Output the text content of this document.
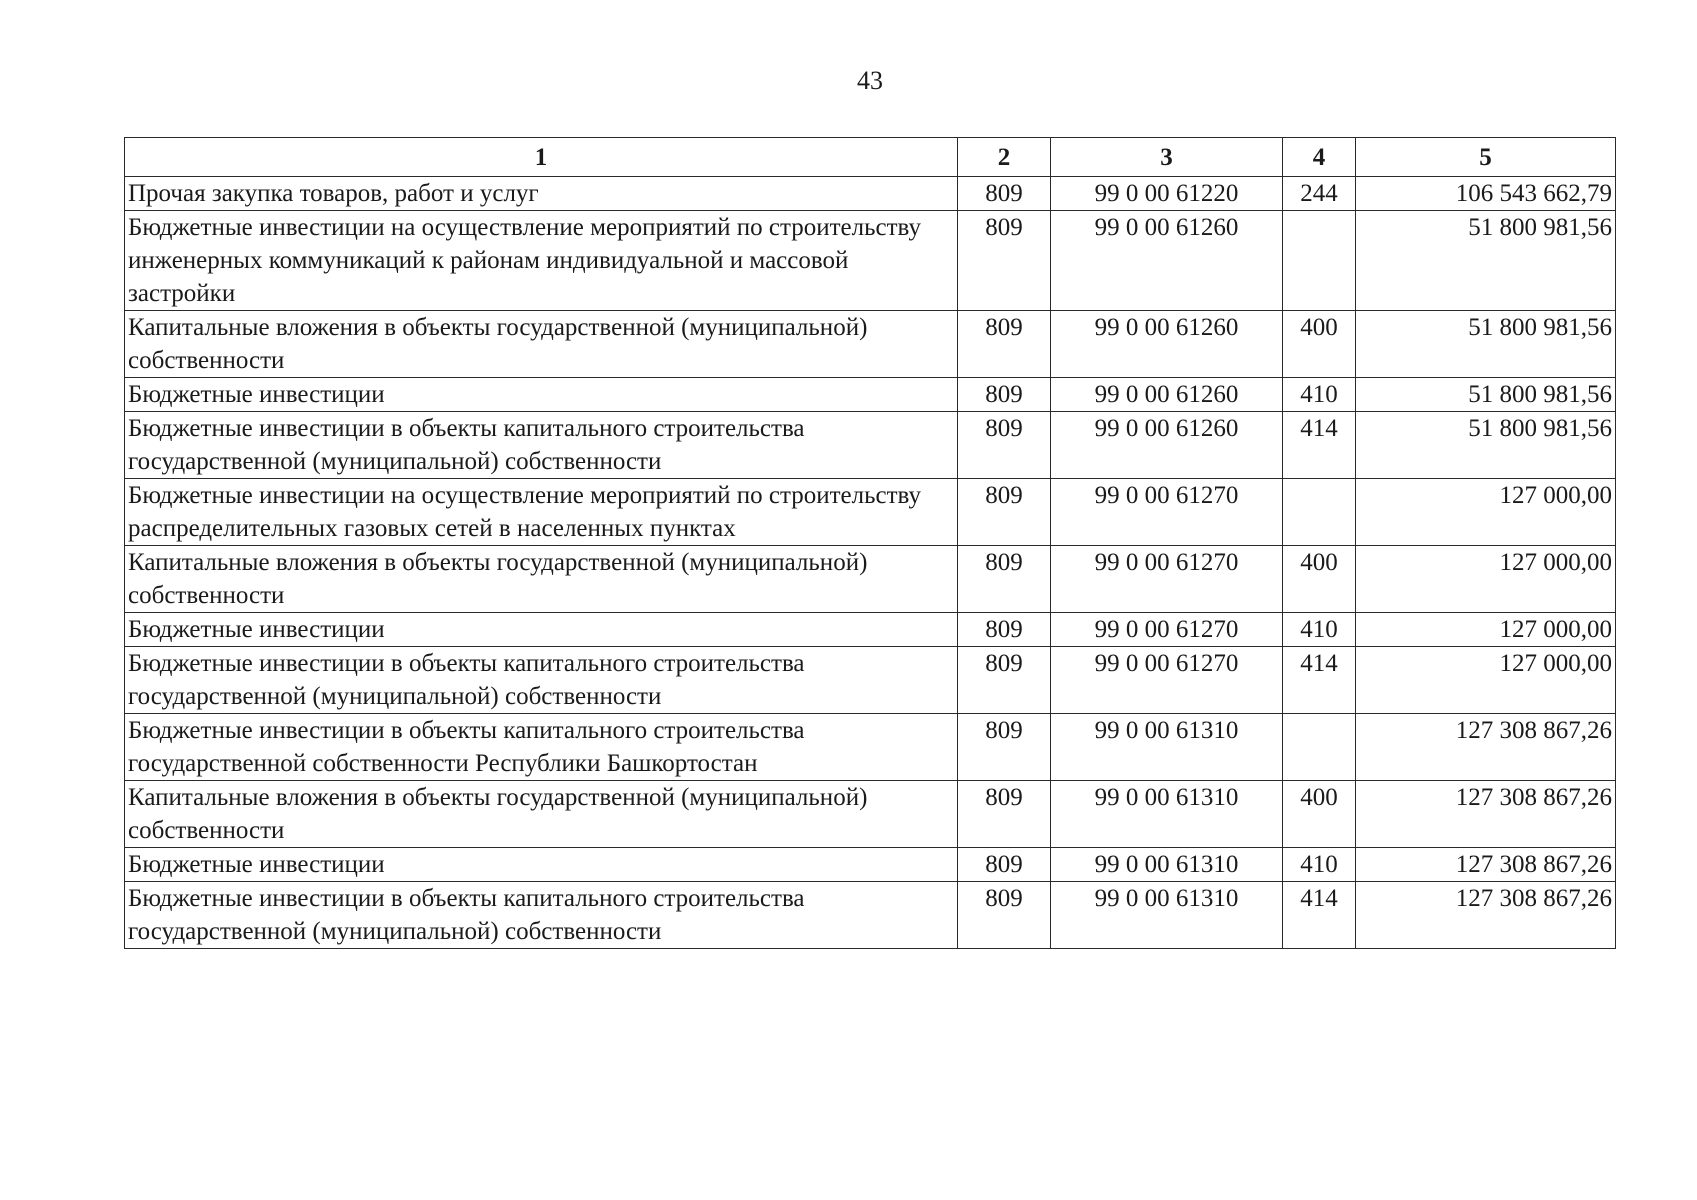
43
1	2	3	4	5
Прочая закупка товаров, работ и услуг	809	99 0 00 61220	244	106 543 662,79
Бюджетные инвестиции на осуществление мероприятий по строительству инженерных коммуникаций к районам индивидуальной и массовой застройки	809	99 0 00 61260		51 800 981,56
Капитальные вложения в объекты государственной (муниципальной) собственности	809	99 0 00 61260	400	51 800 981,56
Бюджетные инвестиции	809	99 0 00 61260	410	51 800 981,56
Бюджетные инвестиции в объекты капитального строительства государственной (муниципальной) собственности	809	99 0 00 61260	414	51 800 981,56
Бюджетные инвестиции на осуществление мероприятий по строительству распределительных газовых сетей в населенных пунктах	809	99 0 00 61270		127 000,00
Капитальные вложения в объекты государственной (муниципальной) собственности	809	99 0 00 61270	400	127 000,00
Бюджетные инвестиции	809	99 0 00 61270	410	127 000,00
Бюджетные инвестиции в объекты капитального строительства государственной (муниципальной) собственности	809	99 0 00 61270	414	127 000,00
Бюджетные инвестиции в объекты капитального строительства государственной собственности Республики Башкортостан	809	99 0 00 61310		127 308 867,26
Капитальные вложения в объекты государственной (муниципальной) собственности	809	99 0 00 61310	400	127 308 867,26
Бюджетные инвестиции	809	99 0 00 61310	410	127 308 867,26
Бюджетные инвестиции в объекты капитального строительства государственной (муниципальной) собственности	809	99 0 00 61310	414	127 308 867,26
